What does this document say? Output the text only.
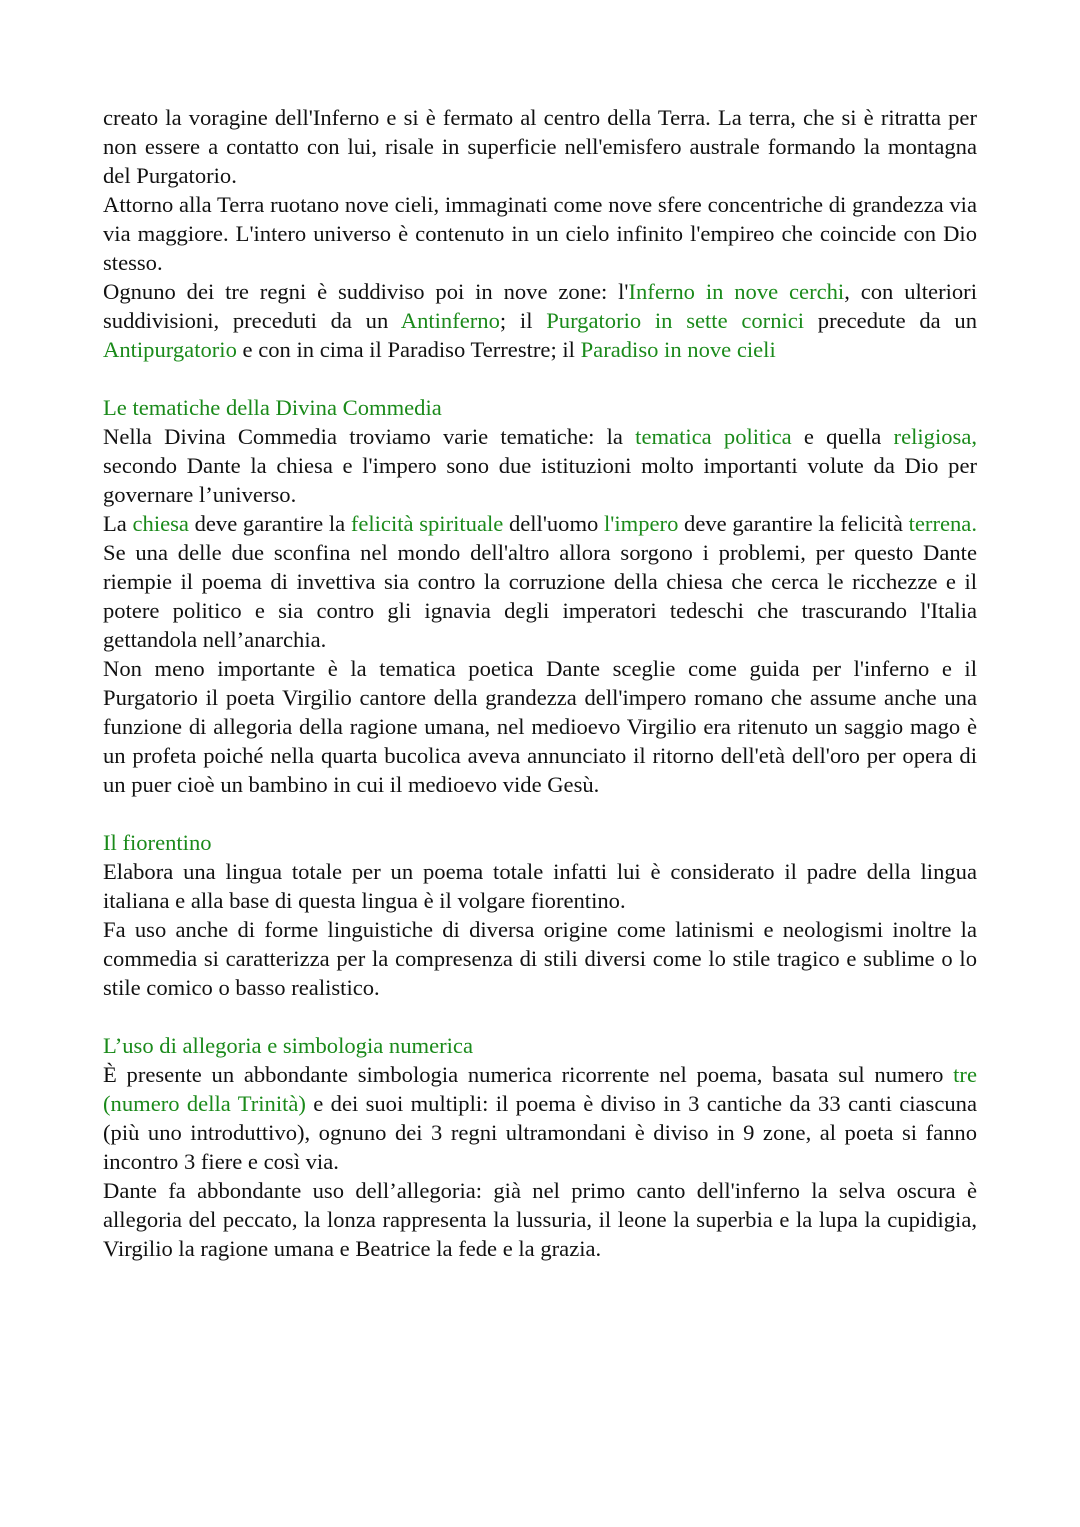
creato la voragine dell'Inferno e si è fermato al centro della Terra. La terra, che si è ritratta per non essere a contatto con lui, risale in superficie nell'emisfero australe formando la montagna del Purgatorio.

Attorno alla Terra ruotano nove cieli, immaginati come nove sfere concentriche di grandezza via via maggiore. L'intero universo è contenuto in un cielo infinito l'empireo che coincide con Dio stesso.

Ognuno dei tre regni è suddiviso poi in nove zone: l'Inferno in nove cerchi, con ulteriori suddivisioni, preceduti da un Antinferno; il Purgatorio in sette cornici precedute da un Antipurgatorio e con in cima il Paradiso Terrestre; il Paradiso in nove cieli

Le tematiche della Divina Commedia

Nella Divina Commedia troviamo varie tematiche: la tematica politica e quella religiosa, secondo Dante la chiesa e l'impero sono due istituzioni molto importanti volute da Dio per governare l’universo.

La chiesa deve garantire la felicità spirituale dell'uomo l'impero deve garantire la felicità terrena. Se una delle due sconfina nel mondo dell'altro allora sorgono i problemi, per questo Dante riempie il poema di invettiva sia contro la corruzione della chiesa che cerca le ricchezze e il potere politico e sia contro gli ignavia degli imperatori tedeschi che trascurando l'Italia gettandola nell’anarchia.

Non meno importante è la tematica poetica Dante sceglie come guida per l'inferno e il Purgatorio il poeta Virgilio cantore della grandezza dell'impero romano che assume anche una funzione di allegoria della ragione umana, nel medioevo Virgilio era ritenuto un saggio mago è un profeta poiché nella quarta bucolica aveva annunciato il ritorno dell'età dell'oro per opera di un puer cioè un bambino in cui il medioevo vide Gesù.

Il fiorentino

Elabora una lingua totale per un poema totale infatti lui è considerato il padre della lingua italiana e alla base di questa lingua è il volgare fiorentino.

Fa uso anche di forme linguistiche di diversa origine come latinismi e neologismi inoltre la commedia si caratterizza per la compresenza di stili diversi come lo stile tragico e sublime o lo stile comico o basso realistico.

L’uso di allegoria e simbologia numerica

È presente un abbondante simbologia numerica ricorrente nel poema, basata sul numero tre (numero della Trinità) e dei suoi multipli: il poema è diviso in 3 cantiche da 33 canti ciascuna (più uno introduttivo), ognuno dei 3 regni ultramondani è diviso in 9 zone, al poeta si fanno incontro 3 fiere e così via.

Dante fa abbondante uso dell’allegoria: già nel primo canto dell'inferno la selva oscura è allegoria del peccato, la lonza rappresenta la lussuria, il leone la superbia e la lupa la cupidigia, Virgilio la ragione umana e Beatrice la fede e la grazia.
